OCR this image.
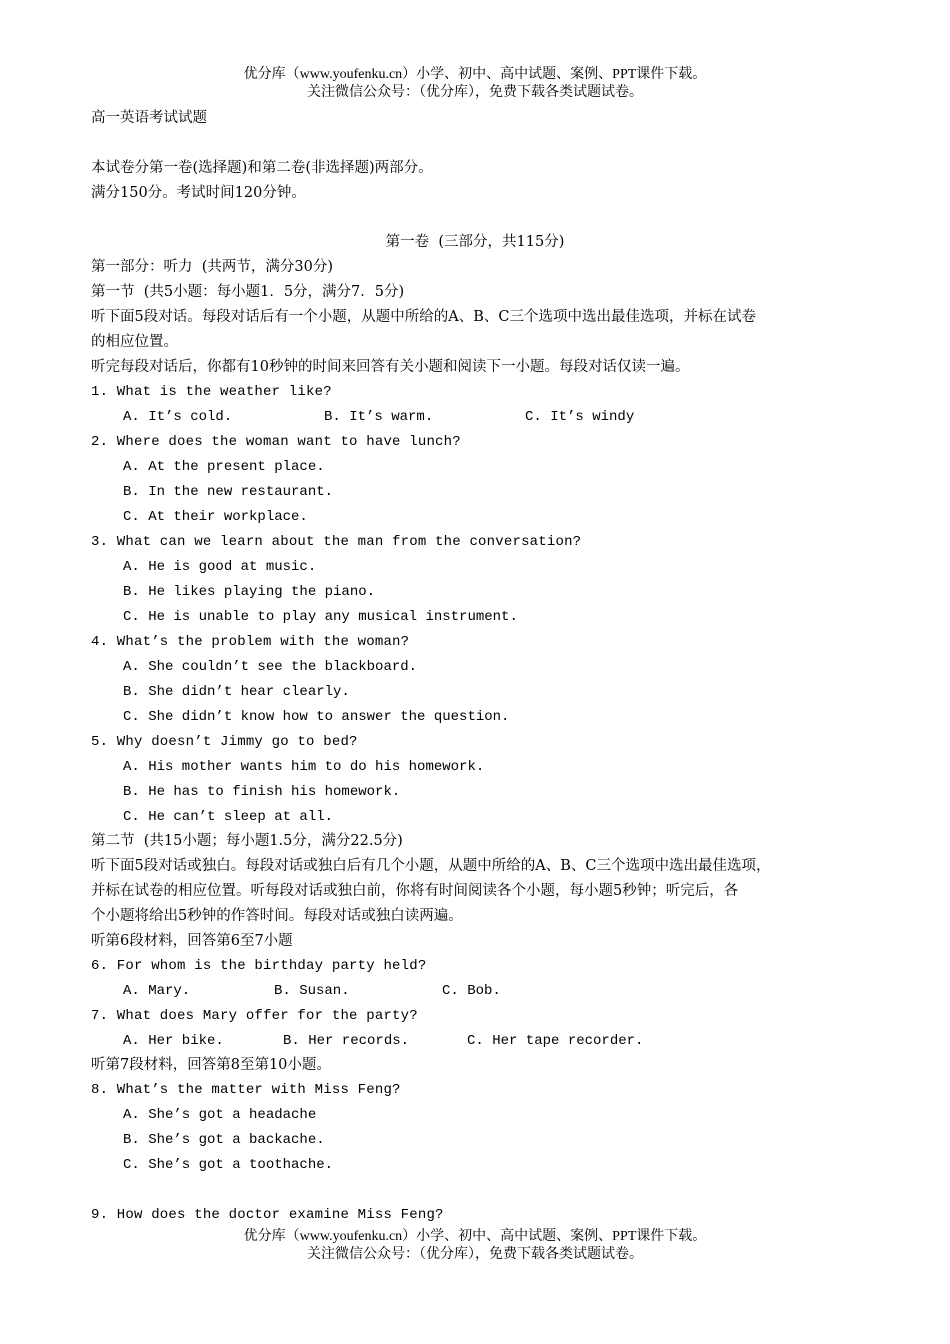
优分库（www.youfenku.cn）小学、初中、高中试题、案例、PPT课件下载。
关注微信公众号：（优分库），免费下载各类试题试卷。
高一英语考试试题
本试卷分第一卷(选择题)和第二卷(非选择题)两部分。
满分150分。考试时间120分钟。
第一卷  (三部分，共115分)
第一部分：听力  (共两节，满分30分)
第一节  (共5小题：每小题1．5分，满分7．5分)
听下面5段对话。每段对话后有一个小题，从题中所给的A、B、C三个选项中选出最佳选项，并标在试卷
的相应位置。
听完每段对话后，你都有10秒钟的时间来回答有关小题和阅读下一小题。每段对话仅读一遍。
1. What is the weather like?
A. It’s cold.	B. It’s warm.	C. It’s windy
2. Where does the woman want to have lunch?
A. At the present place.
B. In the new restaurant.
C. At their workplace.
3. What can we learn about the man from the conversation?
A. He is good at music.
B. He likes playing the piano.
C. He is unable to play any musical instrument.
4. What’s the problem with the woman?
A. She couldn’t see the blackboard.
B. She didn’t hear clearly.
C. She didn’t know how to answer the question.
5. Why doesn’t Jimmy go to bed?
A. His mother wants him to do his homework.
B. He has to finish his homework.
C. He can’t sleep at all.
第二节  (共15小题；每小题1.5分，满分22.5分)
听下面5段对话或独白。每段对话或独白后有几个小题，从题中所给的A、B、C三个选项中选出最佳选项，
并标在试卷的相应位置。听每段对话或独白前，你将有时间阅读各个小题，每小题5秒钟；听完后，各
个小题将给出5秒钟的作答时间。每段对话或独白读两遍。
听第6段材料，回答第6至7小题
6. For whom is the birthday party held?
A. Mary.	B. Susan.	C. Bob.
7. What does Mary offer for the party?
A. Her bike.	B. Her records.	C. Her tape recorder.
听第7段材料，回答第8至第10小题。
8. What’s the matter with Miss Feng?
A. She’s got a headache
B. She’s got a backache.
C. She’s got a toothache.
9. How does the doctor examine Miss Feng?
优分库（www.youfenku.cn）小学、初中、高中试题、案例、PPT课件下载。
关注微信公众号：（优分库），免费下载各类试题试卷。
